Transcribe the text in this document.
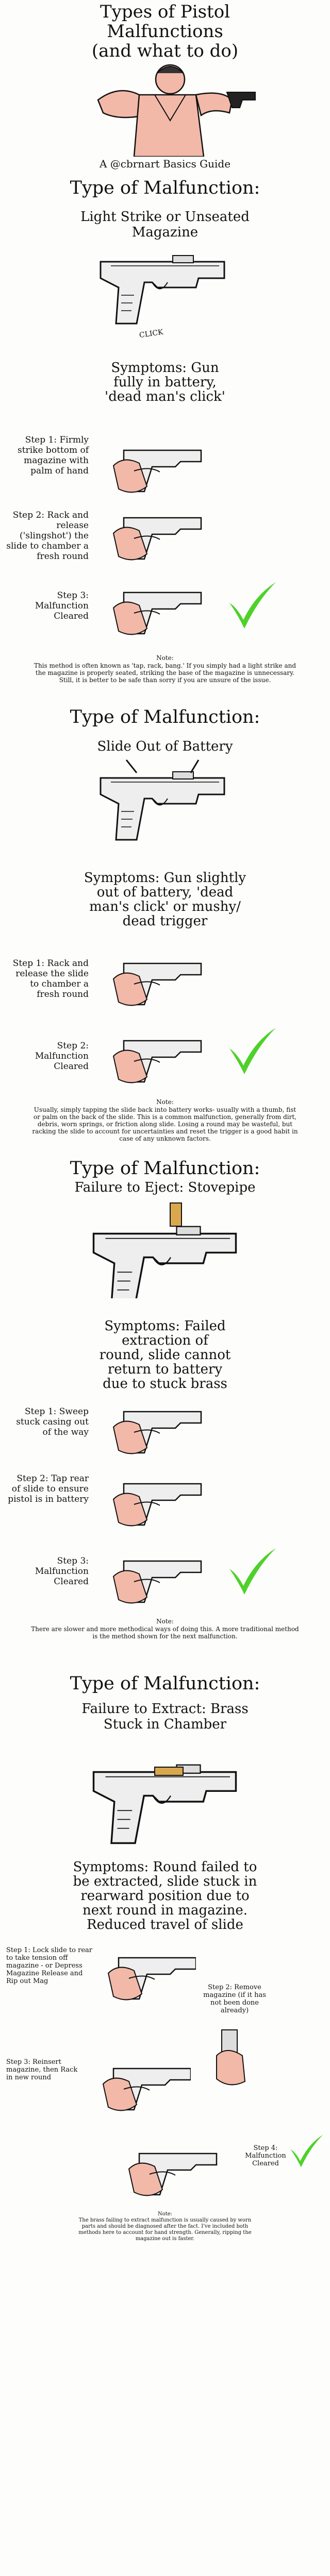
Types of Pistol Malfunctions (and what to do)
A @cbrnart Basics Guide
Type of Malfunction:
Light Strike or Unseated Magazine
CLICK
Symptoms: Gun fully in battery, 'dead man's click'
Step 1: Firmly strike bottom of magazine with palm of hand
Step 2: Rack and release ('slingshot') the slide to chamber a fresh round
Step 3: Malfunction Cleared
Note:
This method is often known as 'tap, rack, bang.' If you simply had a light strike and the magazine is properly seated, striking the base of the magazine is unnecessary. Still, it is better to be safe than sorry if you are unsure of the issue.
Type of Malfunction:
Slide Out of Battery
Symptoms: Gun slightly out of battery, 'dead man's click' or mushy/ dead trigger
Step 1: Rack and release the slide to chamber a fresh round
Step 2: Malfunction Cleared
Note:
Usually, simply tapping the slide back into battery works- usually with a thumb, fist or palm on the back of the slide. This is a common malfunction, generally from dirt, debris, worn springs, or friction along slide. Losing a round may be wasteful, but racking the slide to account for uncertainties and reset the trigger is a good habit in case of any unknown factors.
Type of Malfunction:
Failure to Eject: Stovepipe
Symptoms: Failed extraction of round, slide cannot return to battery due to stuck brass
Step 1: Sweep stuck casing out of the way
Step 2: Tap rear of slide to ensure pistol is in battery
Step 3: Malfunction Cleared
Note:
There are slower and more methodical ways of doing this. A more traditional method is the method shown for the next malfunction.
Type of Malfunction:
Failure to Extract: Brass Stuck in Chamber
Symptoms: Round failed to be extracted, slide stuck in rearward position due to next round in magazine. Reduced travel of slide
Step 1: Lock slide to rear to take tension off magazine - or Depress Magazine Release and Rip out Mag
Step 2: Remove magazine (if it has not been done already)
Step 3: Reinsert magazine, then Rack in new round
Step 4: Malfunction Cleared
Note:
The brass failing to extract malfunction is usually caused by worn parts and should be diagnosed after the fact. I've included both methods here to account for hand strength. Generally, ripping the magazine out is faster.
